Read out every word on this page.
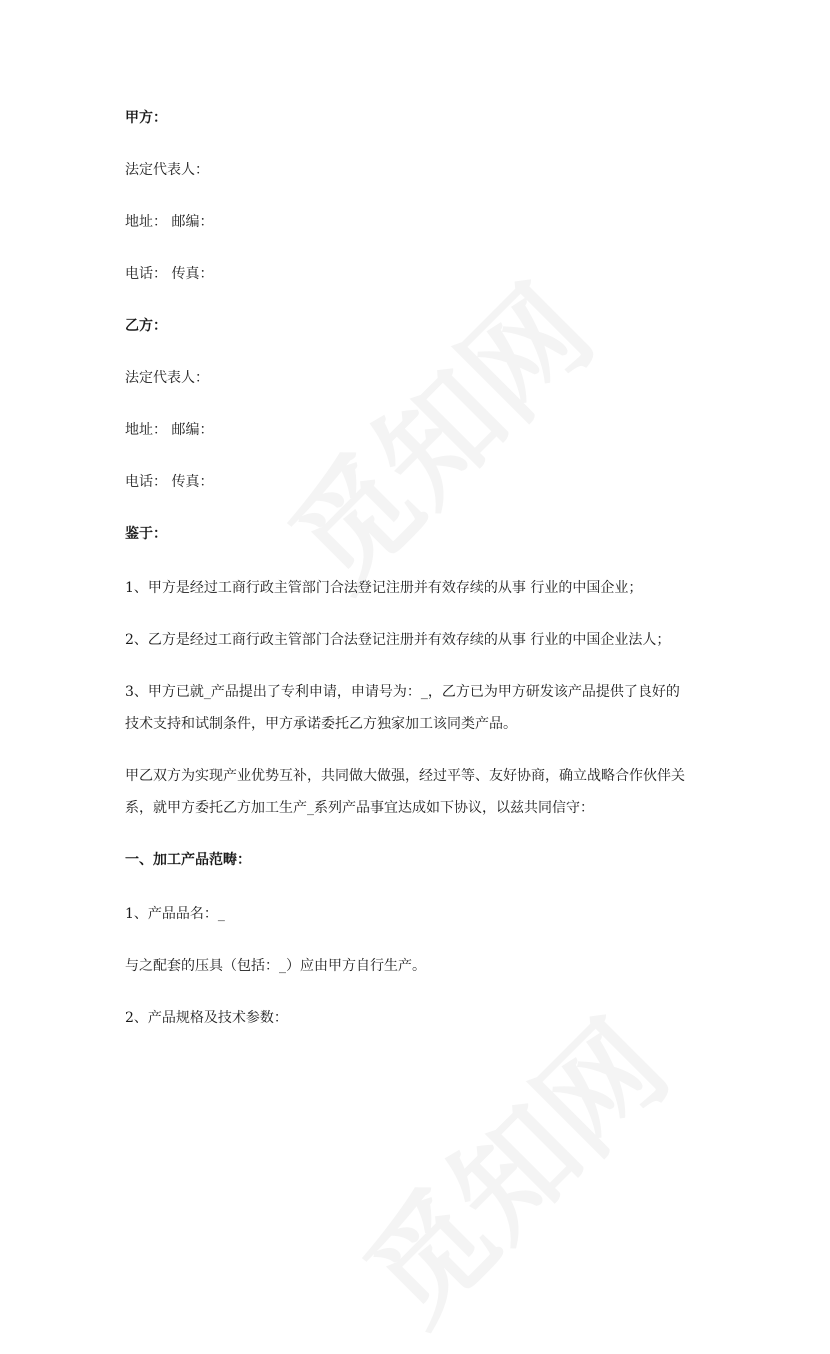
甲方：
法定代表人：
地址： 邮编：
电话： 传真：
乙方：
法定代表人：
地址： 邮编：
电话： 传真：
鉴于：
1、甲方是经过工商行政主管部门合法登记注册并有效存续的从事 行业的中国企业；
2、乙方是经过工商行政主管部门合法登记注册并有效存续的从事 行业的中国企业法人；
3、甲方已就_产品提出了专利申请，申请号为：_，乙方已为甲方研发该产品提供了良好的
技术支持和试制条件，甲方承诺委托乙方独家加工该同类产品。
甲乙双方为实现产业优势互补，共同做大做强，经过平等、友好协商，确立战略合作伙伴关
系，就甲方委托乙方加工生产_系列产品事宜达成如下协议，以兹共同信守：
一、加工产品范畴：
1、产品品名：_
与之配套的压具（包括：_）应由甲方自行生产。
2、产品规格及技术参数：
